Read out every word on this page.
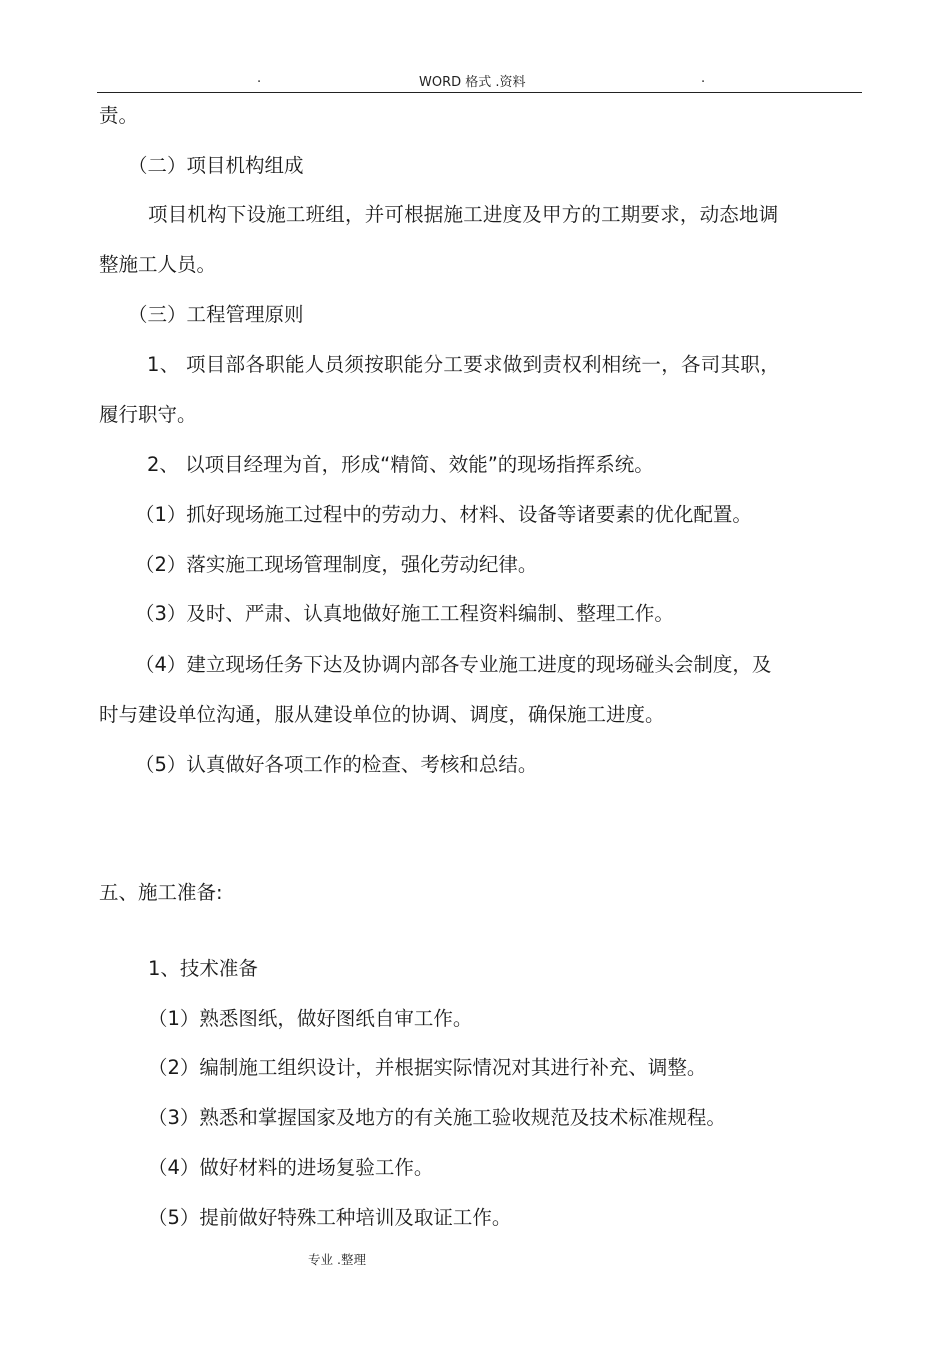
.	WORD 格式 .资料	.
责。
（二）项目机构组成
项目机构下设施工班组，并可根据施工进度及甲方的工期要求，动态地调
整施工人员。
（三）工程管理原则
1、 项目部各职能人员须按职能分工要求做到责权利相统一，各司其职，
履行职守。
2、 以项目经理为首，形成“精简、效能”的现场指挥系统。
（1）抓好现场施工过程中的劳动力、材料、设备等诸要素的优化配置。
（2）落实施工现场管理制度，强化劳动纪律。
（3）及时、严肃、认真地做好施工工程资料编制、整理工作。
（4）建立现场任务下达及协调内部各专业施工进度的现场碰头会制度，及
时与建设单位沟通，服从建设单位的协调、调度，确保施工进度。
（5）认真做好各项工作的检查、考核和总结。
五、施工准备:
1、技术准备
（1）熟悉图纸，做好图纸自审工作。
（2）编制施工组织设计，并根据实际情况对其进行补充、调整。
（3）熟悉和掌握国家及地方的有关施工验收规范及技术标准规程。
（4）做好材料的进场复验工作。
（5）提前做好特殊工种培训及取证工作。
专业 .整理
